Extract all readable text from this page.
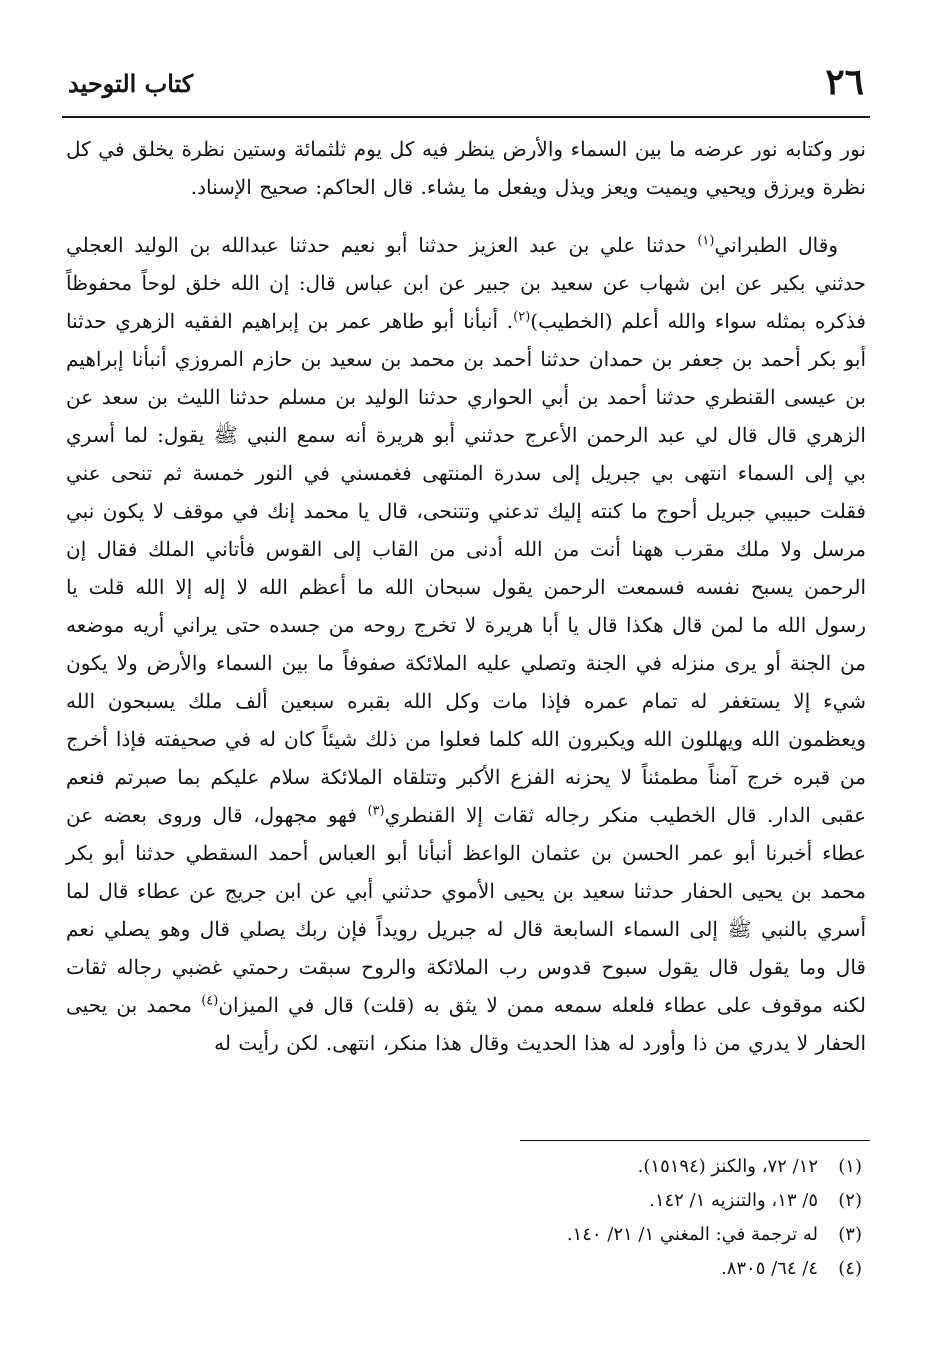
٢٦
كتاب التوحيد

نور وكتابه نور عرضه ما بين السماء والأرض ينظر فيه كل يوم ثلثمائة وستين نظرة يخلق في كل نظرة ويرزق ويحيي ويميت ويعز ويذل ويفعل ما يشاء. قال الحاكم: صحيح الإسناد.

وقال الطبراني$^{(١)}$ حدثنا علي بن عبد العزيز حدثنا أبو نعيم حدثنا عبدالله بن الوليد العجلي حدثني بكير عن ابن شهاب عن سعيد بن جبير عن ابن عباس قال: إن الله خلق لوحاً محفوظاً فذكره بمثله سواء والله أعلم (الخطيب)$^{(٢)}$. أنبأنا أبو طاهر عمر بن إبراهيم الفقيه الزهري حدثنا أبو بكر أحمد بن جعفر بن حمدان حدثنا أحمد بن محمد بن سعيد بن حازم المروزي أنبأنا إبراهيم بن عيسى القنطري حدثنا أحمد بن أبي الحواري حدثنا الوليد بن مسلم حدثنا الليث بن سعد عن الزهري قال قال لي عبد الرحمن الأعرج حدثني أبو هريرة أنه سمع النبي ﷺ يقول: لما أسري بي إلى السماء انتهى بي جبريل إلى سدرة المنتهى فغمسني في النور خمسة ثم تنحى عني فقلت حبيبي جبريل أحوج ما كنته إليك تدعني وتتنحى، قال يا محمد إنك في موقف لا يكون نبي مرسل ولا ملك مقرب ههنا أنت من الله أدنى من القاب إلى القوس فأتاني الملك فقال إن الرحمن يسبح نفسه فسمعت الرحمن يقول سبحان الله ما أعظم الله لا إله إلا الله قلت يا رسول الله ما لمن قال هكذا قال يا أبا هريرة لا تخرج روحه من جسده حتى يراني أريه موضعه من الجنة أو يرى منزله في الجنة وتصلي عليه الملائكة صفوفاً ما بين السماء والأرض ولا يكون شيء إلا يستغفر له تمام عمره فإذا مات وكل الله بقبره سبعين ألف ملك يسبحون الله ويعظمون الله ويهللون الله ويكبرون الله كلما فعلوا من ذلك شيئاً كان له في صحيفته فإذا أخرج من قبره خرج آمناً مطمئناً لا يحزنه الفزع الأكبر وتتلقاه الملائكة سلام عليكم بما صبرتم فنعم عقبى الدار. قال الخطيب منكر رجاله ثقات إلا القنطري$^{(٣)}$ فهو مجهول، قال وروى بعضه عن عطاء أخبرنا أبو عمر الحسن بن عثمان الواعظ أنبأنا أبو العباس أحمد السقطي حدثنا أبو بكر محمد بن يحيى الحفار حدثنا سعيد بن يحيى الأموي حدثني أبي عن ابن جريج عن عطاء قال لما أسري بالنبي ﷺ إلى السماء السابعة قال له جبريل رويداً فإن ربك يصلي قال وهو يصلي نعم قال وما يقول قال يقول سبوح قدوس رب الملائكة والروح سبقت رحمتي غضبي رجاله ثقات لكنه موقوف على عطاء فلعله سمعه ممن لا يثق به (قلت) قال في الميزان$^{(٤)}$ محمد بن يحيى الحفار لا يدري من ذا وأورد له هذا الحديث وقال هذا منكر، انتهى. لكن رأيت له

(١)
١٢/ ٧٢، والكنز (١٥١٩٤).
(٢)
٥/ ١٣، والتنزيه ١/ ١٤٢.
(٣)
له ترجمة في: المغني ١/ ٢١/ ١٤٠.
(٤)
٤/ ٦٤/ ٨٣٠٥.
